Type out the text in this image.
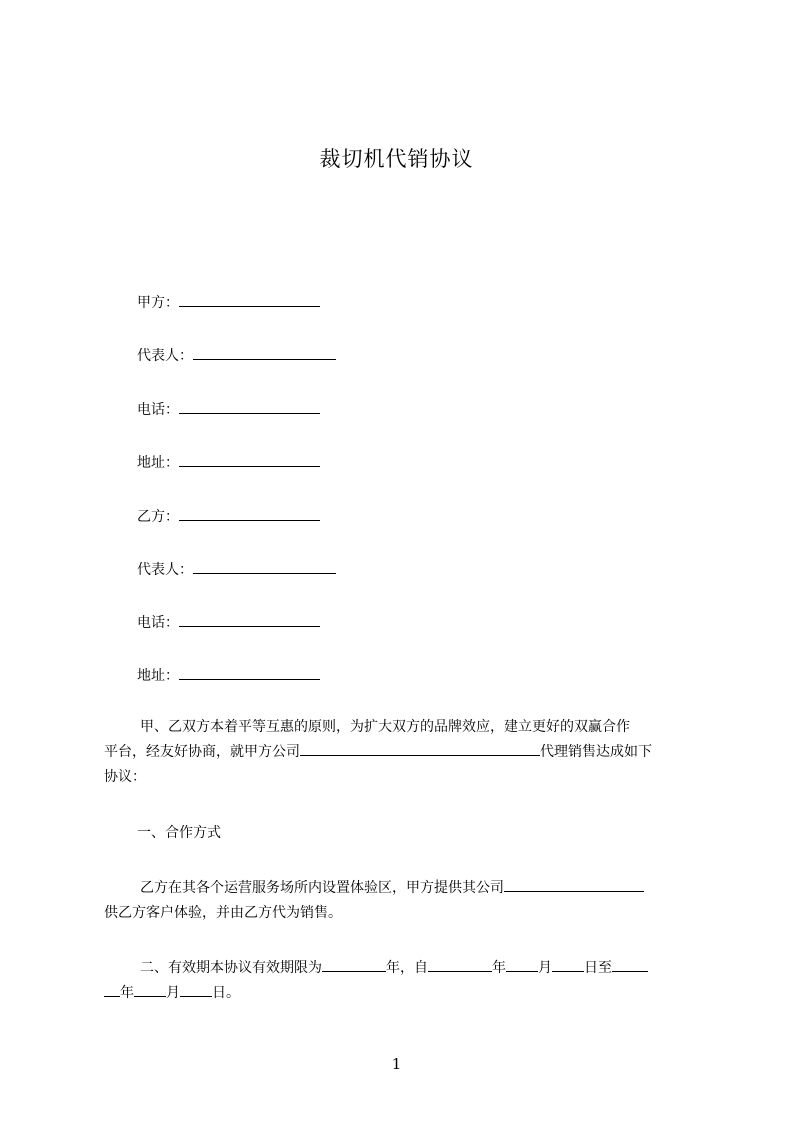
裁切机代销协议
甲方：
代表人：
电话：
地址：
乙方：
代表人：
电话：
地址：
甲、乙双方本着平等互惠的原则，为扩大双方的品牌效应，建立更好的双赢合作
平台，经友好协商，就甲方公司	代理销售达成如下
协议：
一、合作方式
乙方在其各个运营服务场所内设置体验区，甲方提供其公司
供乙方客户体验，并由乙方代为销售。
二、有效期本协议有效期限为	年，自	年 月 日至
年 月 日。
1
